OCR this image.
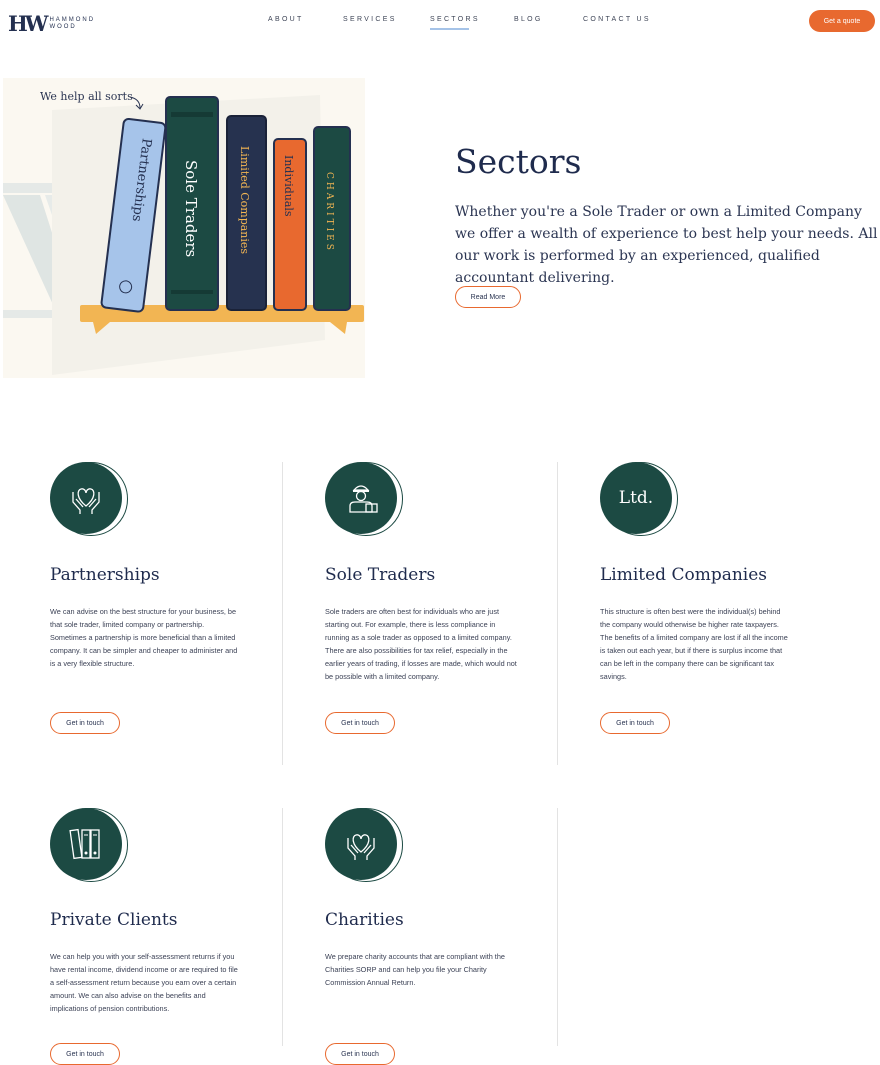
HW HAMMOND
WOOD
ABOUT	SERVICES	SECTORS	BLOG	CONTACT US	Get a quote
Partnerships Sole Traders	Limited Companies	Individuals	CHARITIES
We help all sorts
Sectors
Whether you're a Sole Trader or own a Limited Company we offer a wealth of experience to best help your needs. All our work is performed by an experienced, qualified accountant delivering.
Read More
Partnerships
We can advise on the best structure for your business, be that sole trader, limited company or partnership. Sometimes a partnership is more beneficial than a limited company. It can be simpler and cheaper to administer and is a very flexible structure.
Get in touch
Sole Traders
Sole traders are often best for individuals who are just starting out. For example, there is less compliance in running as a sole trader as opposed to a limited company. There are also possibilities for tax relief, especially in the earlier years of trading, if losses are made, which would not be possible with a limited company.
Get in touch
Ltd.
Limited Companies
This structure is often best were the individual(s) behind the company would otherwise be higher rate taxpayers. The benefits of a limited company are lost if all the income is taken out each year, but if there is surplus income that can be left in the company there can be significant tax savings.
Get in touch
Private Clients
We can help you with your self-assessment returns if you have rental income, dividend income or are required to file a self-assessment return because you earn over a certain amount. We can also advise on the benefits and implications of pension contributions.
Get in touch
Charities
We prepare charity accounts that are compliant with the Charities SORP and can help you file your Charity Commission Annual Return.
Get in touch
